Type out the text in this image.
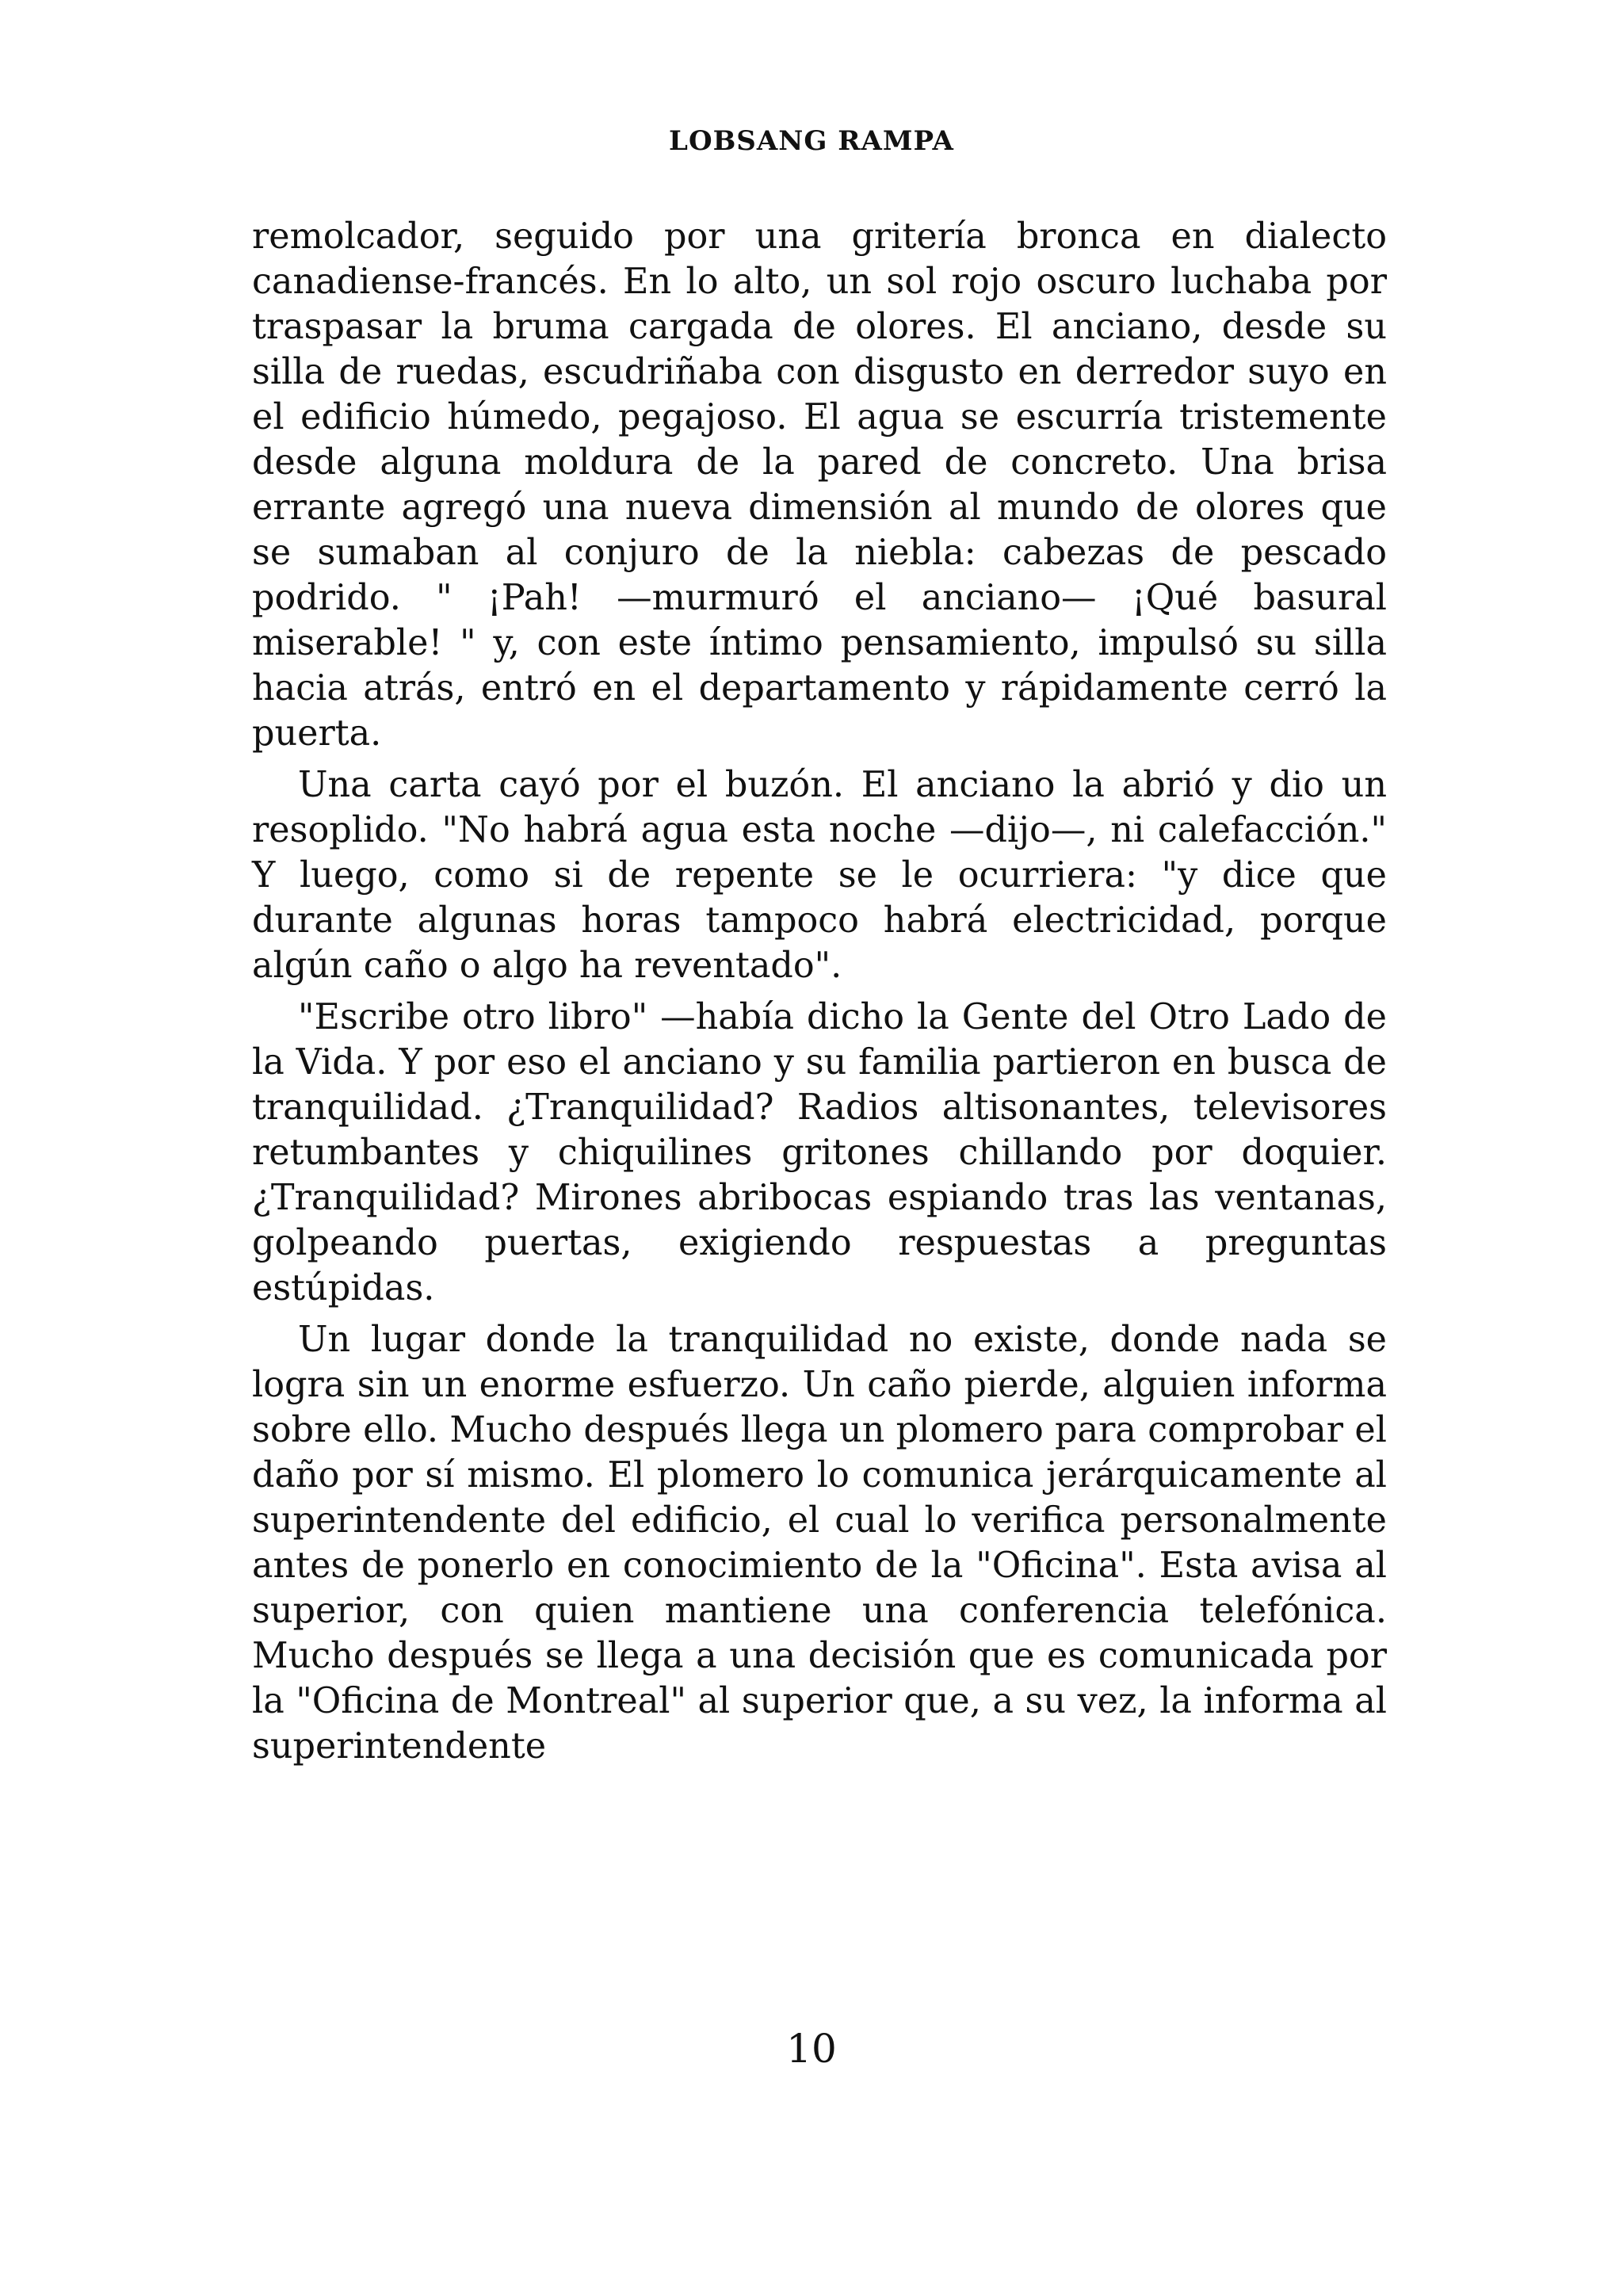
LOBSANG RAMPA

remolcador, seguido por una gritería bronca en dialecto canadiense-francés. En lo alto, un sol rojo oscuro luchaba por traspasar la bruma cargada de olores. El anciano, desde su silla de ruedas, escudriñaba con disgusto en derredor suyo en el edificio húmedo, pegajoso. El agua se escurría tristemente desde alguna moldura de la pared de concreto. Una brisa errante agregó una nueva dimensión al mundo de olores que se sumaban al conjuro de la niebla: cabezas de pescado podrido. " ¡Pah! —murmuró el anciano— ¡Qué basural miserable! " y, con este íntimo pensamiento, impulsó su silla hacia atrás, entró en el departamento y rápidamente cerró la puerta.

Una carta cayó por el buzón. El anciano la abrió y dio un resoplido. "No habrá agua esta noche —dijo—, ni calefacción." Y luego, como si de repente se le ocurriera: "y dice que durante algunas horas tampoco habrá electricidad, porque algún caño o algo ha reventado".

"Escribe otro libro" —había dicho la Gente del Otro Lado de la Vida. Y por eso el anciano y su familia partieron en busca de tranquilidad. ¿Tranquilidad? Radios altisonantes, televisores retumbantes y chiquilines gritones chillando por doquier. ¿Tranquilidad? Mirones abribocas espiando tras las ventanas, golpeando puertas, exigiendo respuestas a preguntas estúpidas.

Un lugar donde la tranquilidad no existe, donde nada se logra sin un enorme esfuerzo. Un caño pierde, alguien informa sobre ello. Mucho después llega un plomero para comprobar el daño por sí mismo. El plomero lo comunica jerárquicamente al superintendente del edificio, el cual lo verifica personalmente antes de ponerlo en conocimiento de la "Oficina". Esta avisa al superior, con quien mantiene una conferencia telefónica. Mucho después se llega a una decisión que es comunicada por la "Oficina de Montreal" al superior que, a su vez, la informa al superintendente

10
